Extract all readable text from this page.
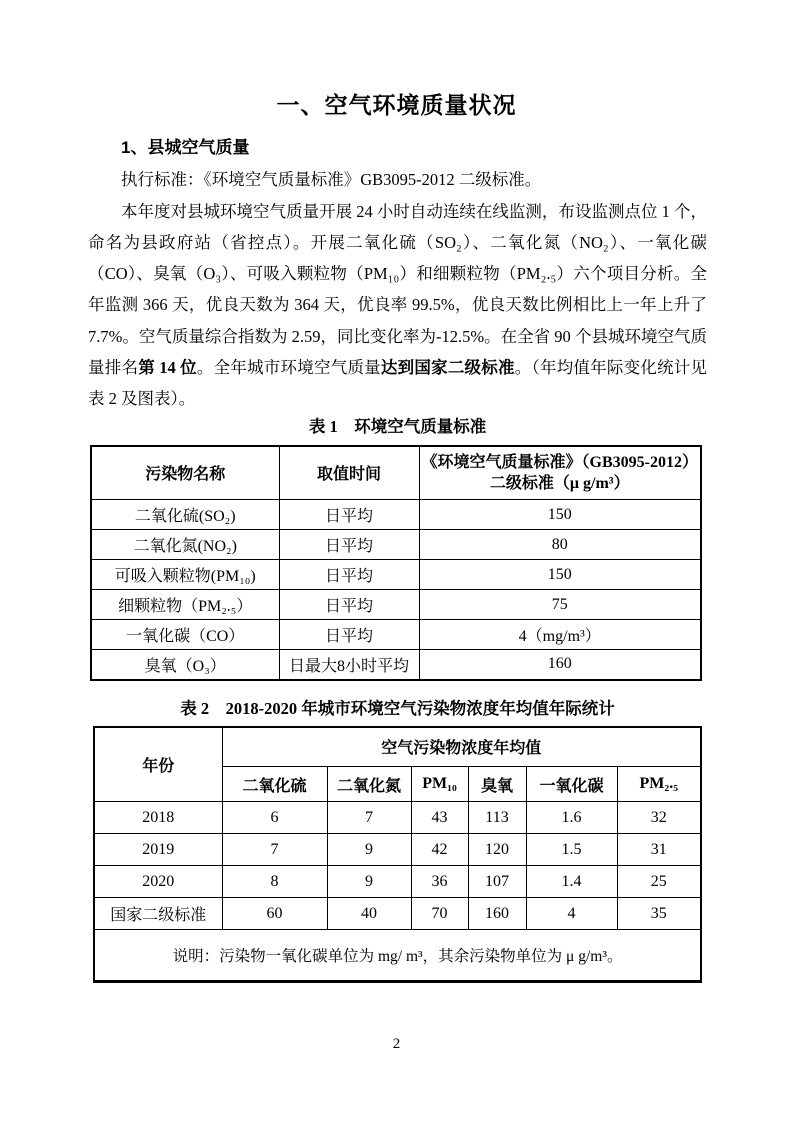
一、空气环境质量状况
1、县城空气质量

执行标准：《环境空气质量标准》GB3095-2012 二级标准。

本年度对县城环境空气质量开展 24 小时自动连续在线监测，布设监测点位 1 个，命名为县政府站（省控点）。开展二氧化硫（SO₂）、二氧化氮（NO₂）、一氧化碳（CO）、臭氧（O₃）、可吸入颗粒物（PM₁₀）和细颗粒物（PM₂.₅）六个项目分析。全年监测 366 天，优良天数为 364 天，优良率 99.5%，优良天数比例相比上一年上升了 7.7%。空气质量综合指数为 2.59，同比变化率为-12.5%。在全省 90 个县城环境空气质量排名第 14 位。全年城市环境空气质量达到国家二级标准。（年均值年际变化统计见表 2 及图表）。

表 1　环境空气质量标准
污染物名称	取值时间	《环境空气质量标准》（GB3095-2012）
二级标准（μ g/m³）

二氧化硫(SO₂)	日平均	150
二氧化氮(NO₂)	日平均	80
可吸入颗粒物(PM₁₀)	日平均	150
细颗粒物（PM₂.₅）	日平均	75
一氧化碳（CO）	日平均	4（mg/m³）
臭氧（O₃）	日最大8小时平均	160
表 2　2018-2020 年城市环境空气污染物浓度年均值年际统计
年份	空气污染物浓度年均值					
	二氧化硫	二氧化氮	PM₁₀	臭氧	一氧化碳	PM₂.₅
2018	6	7	43	113	1.6	32
2019	7	9	42	120	1.5	31
2020	8	9	36	107	1.4	25
国家二级标准	60	40	70	160	4	35
说明：污染物一氧化碳单位为 mg/ m³，其余污染物单位为 μ g/m³。						
2
